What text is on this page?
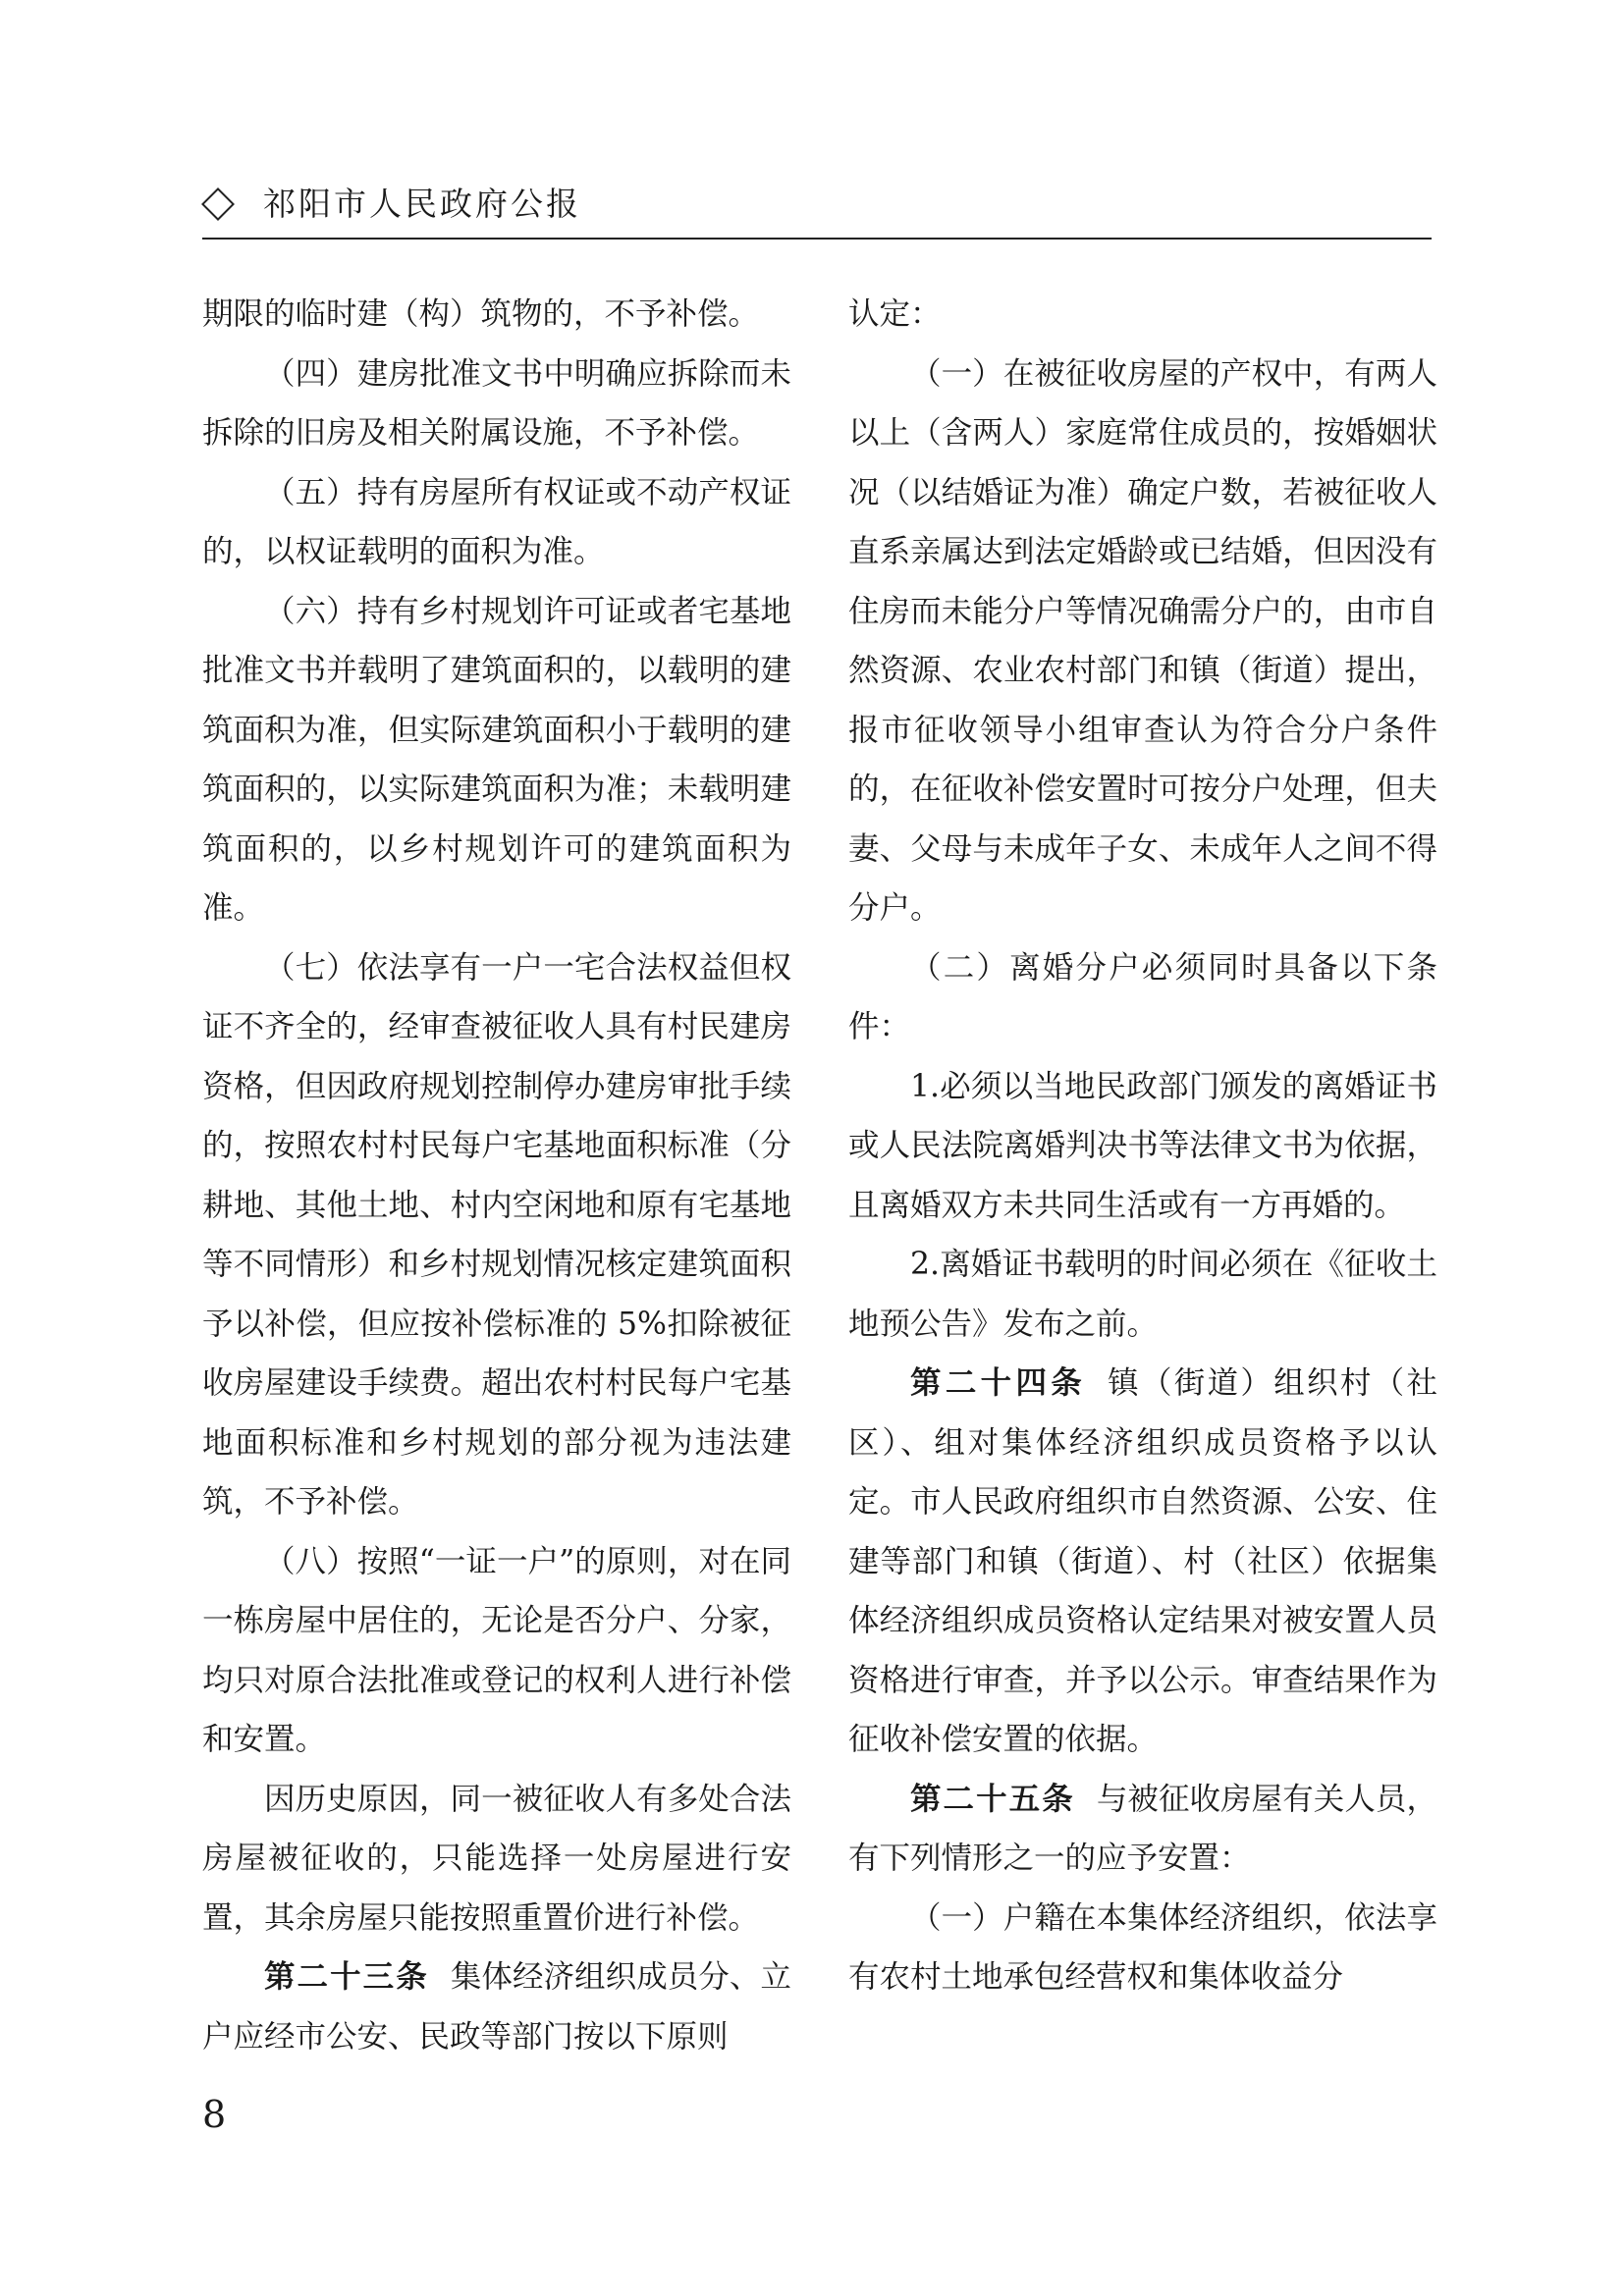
祁阳市人民政府公报

期限的临时建（构）筑物的，不予补偿。

（四）建房批准文书中明确应拆除而未拆除的旧房及相关附属设施，不予补偿。

（五）持有房屋所有权证或不动产权证的，以权证载明的面积为准。

（六）持有乡村规划许可证或者宅基地批准文书并载明了建筑面积的，以载明的建筑面积为准，但实际建筑面积小于载明的建筑面积的，以实际建筑面积为准；未载明建筑面积的，以乡村规划许可的建筑面积为准。

（七）依法享有一户一宅合法权益但权证不齐全的，经审查被征收人具有村民建房资格，但因政府规划控制停办建房审批手续的，按照农村村民每户宅基地面积标准（分耕地、其他土地、村内空闲地和原有宅基地等不同情形）和乡村规划情况核定建筑面积予以补偿，但应按补偿标准的 5%扣除被征收房屋建设手续费。超出农村村民每户宅基地面积标准和乡村规划的部分视为违法建筑，不予补偿。

（八）按照“一证一户”的原则，对在同一栋房屋中居住的，无论是否分户、分家，均只对原合法批准或登记的权利人进行补偿和安置。

因历史原因，同一被征收人有多处合法房屋被征收的，只能选择一处房屋进行安置，其余房屋只能按照重置价进行补偿。

第二十三条 集体经济组织成员分、立户应经市公安、民政等部门按以下原则

认定：

（一）在被征收房屋的产权中，有两人以上（含两人）家庭常住成员的，按婚姻状况（以结婚证为准）确定户数，若被征收人直系亲属达到法定婚龄或已结婚，但因没有住房而未能分户等情况确需分户的，由市自然资源、农业农村部门和镇（街道）提出，报市征收领导小组审查认为符合分户条件的，在征收补偿安置时可按分户处理，但夫妻、父母与未成年子女、未成年人之间不得分户。

（二）离婚分户必须同时具备以下条件：

1.必须以当地民政部门颁发的离婚证书或人民法院离婚判决书等法律文书为依据，且离婚双方未共同生活或有一方再婚的。

2.离婚证书载明的时间必须在《征收土地预公告》发布之前。

第二十四条 镇（街道）组织村（社区）、组对集体经济组织成员资格予以认定。市人民政府组织市自然资源、公安、住建等部门和镇（街道）、村（社区）依据集体经济组织成员资格认定结果对被安置人员资格进行审查，并予以公示。审查结果作为征收补偿安置的依据。

第二十五条 与被征收房屋有关人员，有下列情形之一的应予安置：

（一）户籍在本集体经济组织，依法享有农村土地承包经营权和集体收益分

8
